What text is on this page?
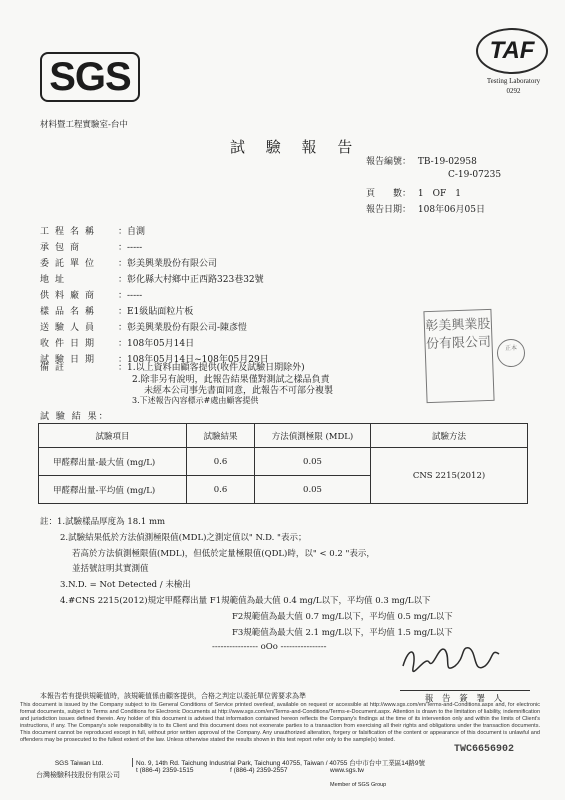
SGS
材料暨工程實驗室-台中
TAF
Testing Laboratory
0292
試 驗 報 告
報告編號： TB-19-02958
C-19-07235
頁　　數： 1　OF　1
報告日期： 108年06月05日
工程名稱 ：自測
承包商	：-----
委託單位 ：彰美興業股份有限公司
地址	：彰化縣大村鄉中正西路323巷32號
供料廠商 ：-----
樣品名稱 ：E1級貼面粒片板
送驗人員 ：彰美興業股份有限公司-陳彥愷
收件日期 ：108年05月14日
試驗日期 ：108年05月14日~108年05月29日
備註	：1.以上資料由顧客提供(收件及試驗日期除外)
2.除非另有說明，此報告結果僅對測試之樣品負責
未經本公司事先書面同意，此報告不可部分複製
彰美興業股份有限公司	正本
試 驗 結 果：
試驗項目	試驗結果	方法偵測極限 (MDL)	試驗方法
甲醛釋出量-最大值 (mg/L)	0.6	0.05	CNS 2215(2012)
甲醛釋出量-平均值 (mg/L)	0.6	0.05	
註：1.試驗樣品厚度為 18.1 mm
2.試驗結果低於方法偵測極限值(MDL)之測定值以" N.D. "表示；
若高於方法偵測極限值(MDL)，但低於定量極限值(QDL)時，以" < 0.2 "表示，
並括號註明其實測值
3.N.D. = Not Detected / 未檢出
4.#CNS 2215(2012)規定甲醛釋出量 F1規範值為最大值 0.4 mg/L以下，平均值 0.3 mg/L以下
F2規範值為最大值 0.7 mg/L以下，平均值 0.5 mg/L以下
F3規範值為最大值 2.1 mg/L以下，平均值 1.5 mg/L以下
---------------- oOo ----------------
本報告若有提供規範值時，該規範值係由顧客提供，合格之判定以委託單位需要求為準	報 告 簽 署 人
This document is issued by the Company subject to its General Conditions of Service printed overleaf, available on request or accessible at http://www.sgs.com/en/Terms-and-Conditions.aspx and, for electronic format documents, subject to Terms and Conditions for Electronic Documents at http://www.sgs.com/en/Terms-and-Conditions/Terms-e-Document.aspx. Attention is drawn to the limitation of liability, indemnification and jurisdiction issues defined therein. Any holder of this document is advised that information contained hereon reflects the Company's findings at the time of its intervention only and within the limits of Client's instructions, if any. The Company's sole responsibility is to its Client and this document does not exonerate parties to a transaction from exercising all their rights and obligations under the transaction documents. This document cannot be reproduced except in full, without prior written approval of the Company. Any unauthorized alteration, forgery or falsification of the content or appearance of this document is unlawful and offenders may be prosecuted to the fullest extent of the law. Unless otherwise stated the results shown in this test report refer only to the sample(s) tested.
TWC6656902
SGS Taiwan Ltd.
台灣檢驗科技股份有限公司
No. 9, 14th Rd. Taichung Industrial Park, Taichung 40755, Taiwan / 40755 台中市台中工業區14路9號
t (886-4) 2359-1515	f (886-4) 2359-2557	www.sgs.tw
Member of SGS Group
3.下述報告內容標示#處由顧客提供
